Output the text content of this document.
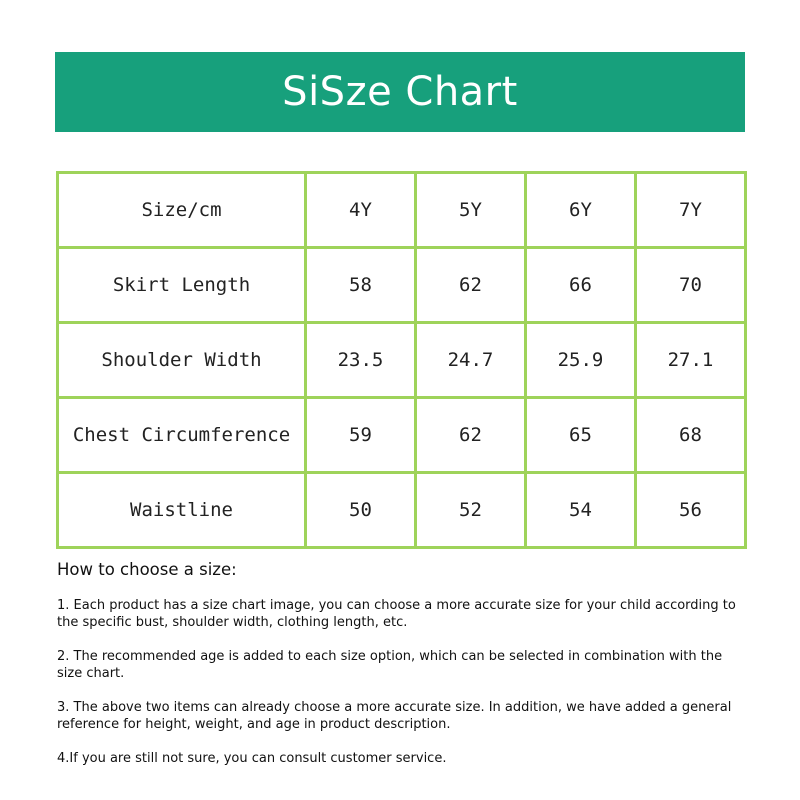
SiSze Chart
Size/cm	4Y	5Y	6Y	7Y
Skirt Length	58	62	66	70
Shoulder Width	23.5	24.7	25.9	27.1
Chest Circumference	59	62	65	68
Waistline	50	52	54	56
How to choose a size:
1. Each product has a size chart image, you can choose a more accurate size for your child according to the specific bust, shoulder width, clothing length, etc.
2. The recommended age is added to each size option, which can be selected in combination with the size chart.
3. The above two items can already choose a more accurate size. In addition, we have added a general reference for height, weight, and age in product description.
4.If you are still not sure, you can consult customer service.
